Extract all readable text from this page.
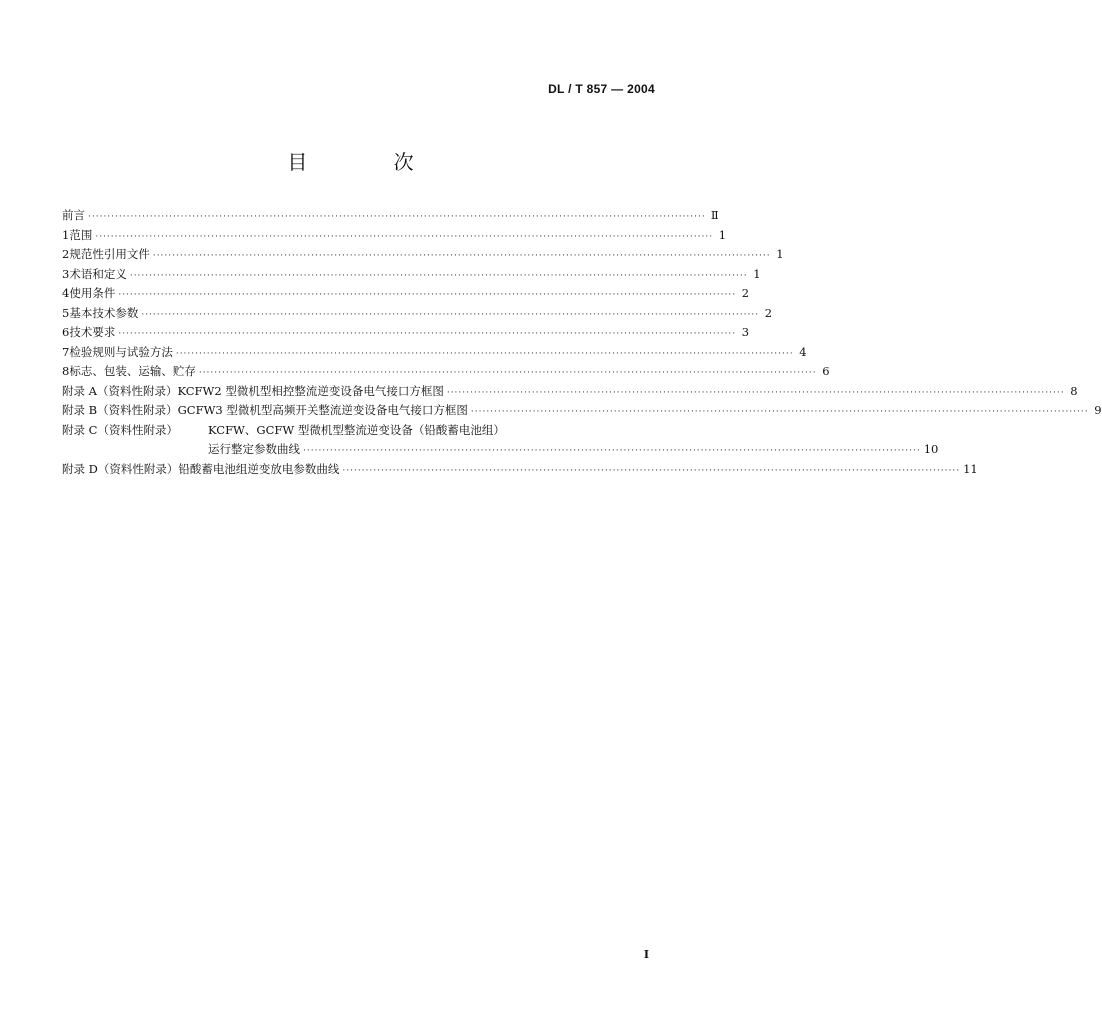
DL / T 857 — 2004
目 次
前言 ································································································································································ Ⅱ
1 范围 ································································································································································ 1
2 规范性引用文件 ································································································································································ 1
3 术语和定义 ································································································································································ 1
4 使用条件 ································································································································································ 2
5 基本技术参数 ································································································································································ 2
6 技术要求 ································································································································································ 3
7 检验规则与试验方法 ································································································································································ 4
8 标志、包装、运输、贮存 ································································································································································ 6
附录 A（资料性附录） KCFW2 型微机型相控整流逆变设备电气接口方框图 ································································································································································ 8
附录 B（资料性附录） GCFW3 型微机型高频开关整流逆变设备电气接口方框图 ································································································································································ 9
附录 C（资料性附录）	KCFW、GCFW 型微机型整流逆变设备（铅酸蓄电池组）
运行整定参数曲线 ································································································································································ 10
附录 D（资料性附录） 铅酸蓄电池组逆变放电参数曲线 ································································································································································ 11
I
